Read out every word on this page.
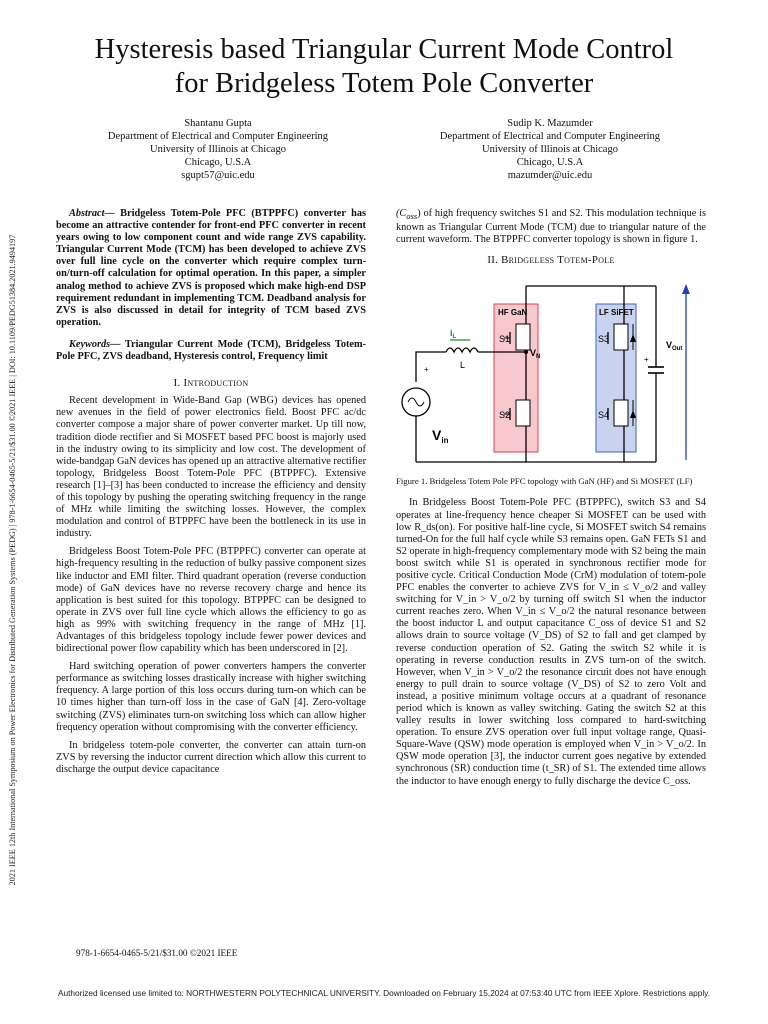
2021 IEEE 12th International Symposium on Power Electronics for Distributed Generation Systems (PEDG) | 978-1-6654-0465-5/21/$31.00 ©2021 IEEE | DOI: 10.1109/PEDG51384.2021.9494197
Hysteresis based Triangular Current Mode Control
for Bridgeless Totem Pole Converter
Shantanu Gupta
Department of Electrical and Computer Engineering
University of Illinois at Chicago
Chicago, U.S.A
sgupt57@uic.edu
Sudip K. Mazumder
Department of Electrical and Computer Engineering
University of Illinois at Chicago
Chicago, U.S.A
mazumder@uic.edu

Abstract— Bridgeless Totem-Pole PFC (BTPPFC) converter has become an attractive contender for front-end PFC converter in recent years owing to low component count and wide range ZVS capability. Triangular Current Mode (TCM) has been developed to achieve ZVS over full line cycle on the converter which require complex turn-on/turn-off calculation for optimal operation. In this paper, a simpler analog method to achieve ZVS is proposed which make high-end DSP requirement redundant in implementing TCM. Deadband analysis for ZVS is also discussed in detail for integrity of TCM based ZVS operation.

Keywords— Triangular Current Mode (TCM), Bridgeless Totem-Pole PFC, ZVS deadband, Hysteresis control, Frequency limit

I. Introduction

Recent development in Wide-Band Gap (WBG) devices has opened new avenues in the field of power electronics field. Boost PFC ac/dc converter compose a major share of power converter market. Up till now, tradition diode rectifier and Si MOSFET based PFC boost is majorly used in the industry owing to its simplicity and low cost. The development of wide-bandgap GaN devices has opened up an attractive alternative rectifier topology, Bridgeless Boost Totem-Pole PFC (BTPPFC). Extensive research [1]–[3] has been conducted to increase the efficiency and density of this topology by pushing the operating switching frequency in the range of MHz while limiting the switching losses. However, the complex modulation and control of BTPPFC have been the bottleneck in its use in industry.

Bridgeless Boost Totem-Pole PFC (BTPPFC) converter can operate at high-frequency resulting in the reduction of bulky passive component sizes like inductor and EMI filter. Third quadrant operation (reverse conduction mode) of GaN devices have no reverse recovery charge and hence its application is best suited for this topology. BTPPFC can be designed to operate in ZVS over full line cycle which allows the efficiency to go as high as 99% with switching frequency in the range of MHz [1]. Advantages of this bridgeless topology include fewer power devices and bidirectional power flow capability which has been underscored in [2].

Hard switching operation of power converters hampers the converter performance as switching losses drastically increase with higher switching frequency. A large portion of this loss occurs during turn-on which can be 10 times higher than turn-off loss in the case of GaN [4]. Zero-voltage switching (ZVS) eliminates turn-on switching loss which can allow higher frequency operation without compromising with the converter efficiency.

In bridgeless totem-pole converter, the converter can attain turn-on ZVS by reversing the inductor current direction which allow this current to discharge the output device capacitance

$(C_{oss})$ of high frequency switches S1 and S2. This modulation technique is known as Triangular Current Mode (TCM) due to triangular nature of the current waveform. The BTPPFC converter topology is shown in figure 1.

II. Bridgeless Totem-Pole
HF GaN	LF SiFET
S1
S2
S3
S4
$V_N$
$i_L$
L
+
$V_{in}$
+
$V_{Out}$
Figure 1. Bridgeless Totem Pole PFC topology with GaN (HF) and Si MOSFET (LF)

In Bridgeless Boost Totem-Pole PFC (BTPPFC), switch S3 and S4 operates at line-frequency hence cheaper Si MOSFET can be used with low R_ds(on). For positive half-line cycle, Si MOSFET switch S4 remains turned-On for the full half cycle while S3 remains open. GaN FETs S1 and S2 operate in high-frequency complementary mode with S2 being the main boost switch while S1 is operated in synchronous rectifier mode for positive cycle. Critical Conduction Mode (CrM) modulation of totem-pole PFC enables the converter to achieve ZVS for V_in ≤ V_o/2 and valley switching for V_in > V_o/2 by turning off switch S1 when the inductor current reaches zero. When V_in ≤ V_o/2 the natural resonance between the boost inductor L and output capacitance C_oss of device S1 and S2 allows drain to source voltage (V_DS) of S2 to fall and get clamped by reverse conduction operation of S2. Gating the switch S2 while it is operating in reverse conduction results in ZVS turn-on of the switch. However, when V_in > V_o/2 the resonance circuit does not have enough energy to pull drain to source voltage (V_DS) of S2 to zero Volt and instead, a positive minimum voltage occurs at a quadrant of resonance period which is known as valley switching. Gating the switch S2 at this valley results in lower switching loss compared to hard-switching operation. To ensure ZVS operation over full input voltage range, Quasi-Square-Wave (QSW) mode operation is employed when V_in > V_o/2. In QSW mode operation [3], the inductor current goes negative by extended synchronous (SR) conduction time (t_SR) of S1. The extended time allows the inductor to have enough energy to fully discharge the device C_oss.

978-1-6654-0465-5/21/$31.00 ©2021 IEEE
Authorized licensed use limited to: NORTHWESTERN POLYTECHNICAL UNIVERSITY. Downloaded on February 15,2024 at 07:53:40 UTC from IEEE Xplore. Restrictions apply.
